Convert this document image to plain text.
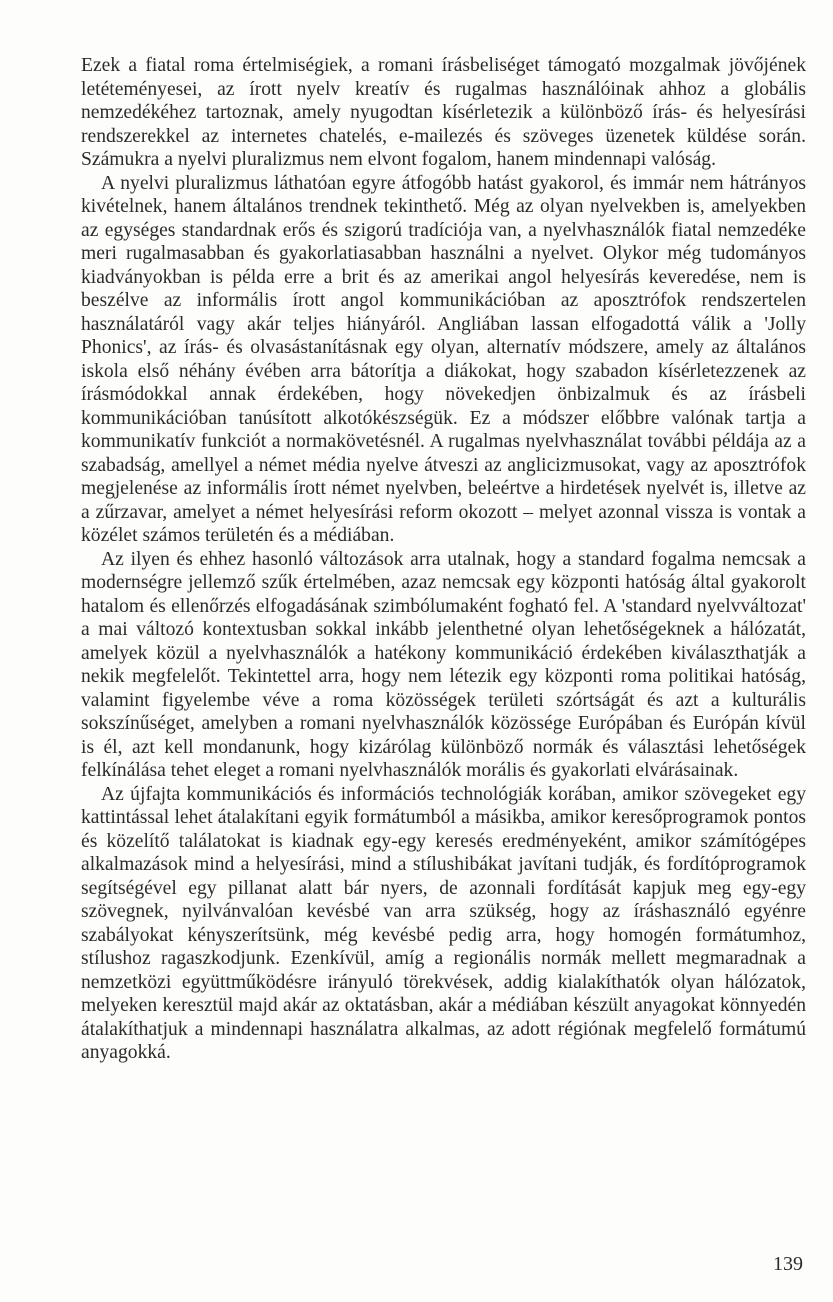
Ezek a fiatal roma értelmiségiek, a romani írásbeliséget támogató mozgalmak jövőjének letéteményesei, az írott nyelv kreatív és rugalmas használóinak ahhoz a globális nemzedékéhez tartoznak, amely nyugodtan kísérletezik a különböző írás- és helyesírási rendszerekkel az internetes chatelés, e-mailezés és szöveges üzenetek küldése során. Számukra a nyelvi pluralizmus nem elvont fogalom, hanem mindennapi valóság.

A nyelvi pluralizmus láthatóan egyre átfogóbb hatást gyakorol, és immár nem hátrányos kivételnek, hanem általános trendnek tekinthető. Még az olyan nyelvekben is, amelyekben az egységes standardnak erős és szigorú tradíciója van, a nyelvhasználók fiatal nemzedéke meri rugalmasabban és gyakorlatiasabban használni a nyelvet. Olykor még tudományos kiadványokban is példa erre a brit és az amerikai angol helyesírás keveredése, nem is beszélve az informális írott angol kommunikációban az aposztrófok rendszertelen használatáról vagy akár teljes hiányáról. Angliában lassan elfogadottá válik a 'Jolly Phonics', az írás- és olvasástanításnak egy olyan, alternatív módszere, amely az általános iskola első néhány évében arra bátorítja a diákokat, hogy szabadon kísérletezzenek az írásmódokkal annak érdekében, hogy növekedjen önbizalmuk és az írásbeli kommunikációban tanúsított alkotókészségük. Ez a módszer előbbre valónak tartja a kommunikatív funkciót a normakövetésnél. A rugalmas nyelvhasználat további példája az a szabadság, amellyel a német média nyelve átveszi az anglicizmusokat, vagy az aposztrófok megjelenése az informális írott német nyelvben, beleértve a hirdetések nyelvét is, illetve az a zűrzavar, amelyet a német helyesírási reform okozott – melyet azonnal vissza is vontak a közélet számos területén és a médiában.

Az ilyen és ehhez hasonló változások arra utalnak, hogy a standard fogalma nemcsak a modernségre jellemző szűk értelmében, azaz nemcsak egy központi hatóság által gyakorolt hatalom és ellenőrzés elfogadásának szimbólumaként fogható fel. A 'standard nyelvváltozat' a mai változó kontextusban sokkal inkább jelenthetné olyan lehetőségeknek a hálózatát, amelyek közül a nyelvhasználók a hatékony kommunikáció érdekében kiválaszthatják a nekik megfelelőt. Tekintettel arra, hogy nem létezik egy központi roma politikai hatóság, valamint figyelembe véve a roma közösségek területi szórtságát és azt a kulturális sokszínűséget, amelyben a romani nyelvhasználók közössége Európában és Európán kívül is él, azt kell mondanunk, hogy kizárólag különböző normák és választási lehetőségek felkínálása tehet eleget a romani nyelvhasználók morális és gyakorlati elvárásainak.

Az újfajta kommunikációs és információs technológiák korában, amikor szövegeket egy kattintással lehet átalakítani egyik formátumból a másikba, amikor keresőprogramok pontos és közelítő találatokat is kiadnak egy-egy keresés eredményeként, amikor számítógépes alkalmazások mind a helyesírási, mind a stílushibákat javítani tudják, és fordítóprogramok segítségével egy pillanat alatt bár nyers, de azonnali fordítását kapjuk meg egy-egy szövegnek, nyilvánvalóan kevésbé van arra szükség, hogy az íráshasználó egyénre szabályokat kényszerítsünk, még kevésbé pedig arra, hogy homogén formátumhoz, stílushoz ragaszkodjunk. Ezenkívül, amíg a regionális normák mellett megmaradnak a nemzetközi együttműködésre irányuló törekvések, addig kialakíthatók olyan hálózatok, melyeken keresztül majd akár az oktatásban, akár a médiában készült anyagokat könnyedén átalakíthatjuk a mindennapi használatra alkalmas, az adott régiónak megfelelő formátumú anyagokká.

139
